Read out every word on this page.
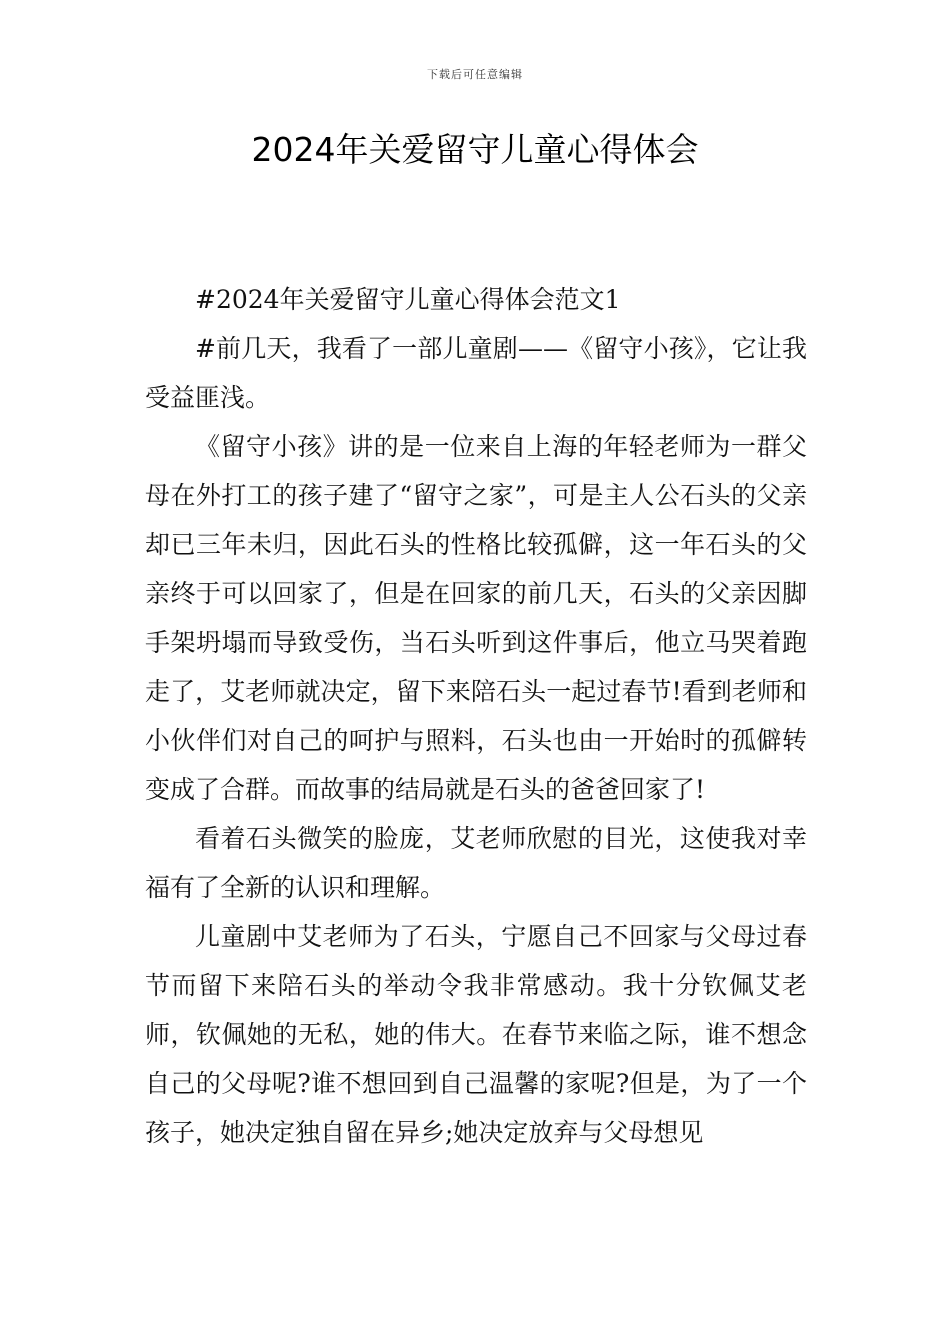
下载后可任意编辑
2024年关爱留守儿童心得体会

#2024年关爱留守儿童心得体会范文1

#前几天，我看了一部儿童剧——《留守小孩》，它让我受益匪浅。

《留守小孩》讲的是一位来自上海的年轻老师为一群父母在外打工的孩子建了“留守之家”，可是主人公石头的父亲却已三年未归，因此石头的性格比较孤僻，这一年石头的父亲终于可以回家了，但是在回家的前几天，石头的父亲因脚手架坍塌而导致受伤，当石头听到这件事后，他立马哭着跑走了，艾老师就决定，留下来陪石头一起过春节!看到老师和小伙伴们对自己的呵护与照料，石头也由一开始时的孤僻转变成了合群。而故事的结局就是石头的爸爸回家了!

看着石头微笑的脸庞，艾老师欣慰的目光，这使我对幸福有了全新的认识和理解。

儿童剧中艾老师为了石头，宁愿自己不回家与父母过春节而留下来陪石头的举动令我非常感动。我十分钦佩艾老师，钦佩她的无私，她的伟大。在春节来临之际，谁不想念自己的父母呢?谁不想回到自己温馨的家呢?但是，为了一个孩子，她决定独自留在异乡;她决定放弃与父母想见
